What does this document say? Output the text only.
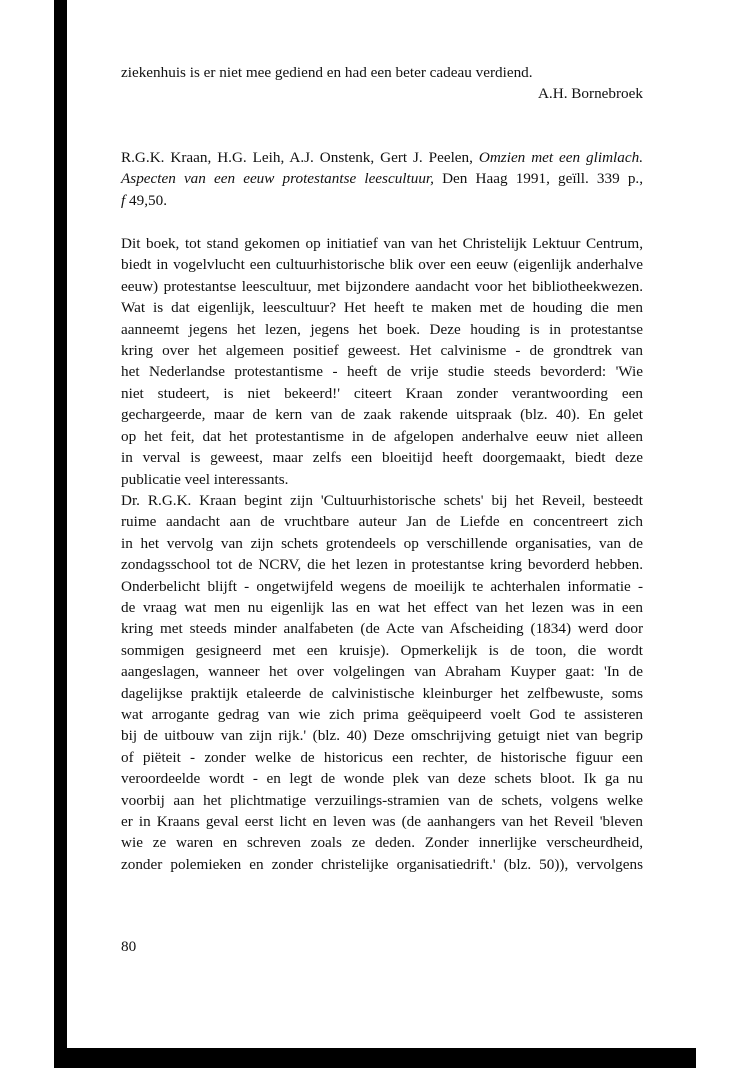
ziekenhuis is er niet mee gediend en had een beter cadeau verdiend.

A.H. Bornebroek

R.G.K. Kraan, H.G. Leih, A.J. Onstenk, Gert J. Peelen, Omzien met een glimlach.
Aspecten van een eeuw protestantse leescultuur, Den Haag 1991, geïll. 339 p.,
f 49,50.
Dit boek, tot stand gekomen op initiatief van van het Christelijk Lektuur Centrum,
biedt in vogelvlucht een cultuurhistorische blik over een eeuw (eigenlijk anderhalve
eeuw) protestantse leescultuur, met bijzondere aandacht voor het bibliotheekwezen.
Wat is dat eigenlijk, leescultuur? Het heeft te maken met de houding die men
aanneemt jegens het lezen, jegens het boek. Deze houding is in protestantse
kring over het algemeen positief geweest. Het calvinisme - de grondtrek van
het Nederlandse protestantisme - heeft de vrije studie steeds bevorderd: 'Wie
niet studeert, is niet bekeerd!' citeert Kraan zonder verantwoording een
gechargeerde, maar de kern van de zaak rakende uitspraak (blz. 40). En gelet
op het feit, dat het protestantisme in de afgelopen anderhalve eeuw niet alleen
in verval is geweest, maar zelfs een bloeitijd heeft doorgemaakt, biedt deze
publicatie veel interessants.
Dr. R.G.K. Kraan begint zijn 'Cultuurhistorische schets' bij het Reveil, besteedt
ruime aandacht aan de vruchtbare auteur Jan de Liefde en concentreert zich
in het vervolg van zijn schets grotendeels op verschillende organisaties, van de
zondagsschool tot de NCRV, die het lezen in protestantse kring bevorderd hebben.
Onderbelicht blijft - ongetwijfeld wegens de moeilijk te achterhalen informatie -
de vraag wat men nu eigenlijk las en wat het effect van het lezen was in een
kring met steeds minder analfabeten (de Acte van Afscheiding (1834) werd door
sommigen gesigneerd met een kruisje). Opmerkelijk is de toon, die wordt
aangeslagen, wanneer het over volgelingen van Abraham Kuyper gaat: 'In de
dagelijkse praktijk etaleerde de calvinistische kleinburger het zelfbewuste, soms
wat arrogante gedrag van wie zich prima geëquipeerd voelt God te assisteren
bij de uitbouw van zijn rijk.' (blz. 40) Deze omschrijving getuigt niet van begrip
of piëteit - zonder welke de historicus een rechter, de historische figuur een
veroordeelde wordt - en legt de wonde plek van deze schets bloot. Ik ga nu
voorbij aan het plichtmatige verzuilings-stramien van de schets, volgens welke
er in Kraans geval eerst licht en leven was (de aanhangers van het Reveil 'bleven
wie ze waren en schreven zoals ze deden. Zonder innerlijke verscheurdheid,
zonder polemieken en zonder christelijke organisatiedrift.' (blz. 50)), vervolgens
80
